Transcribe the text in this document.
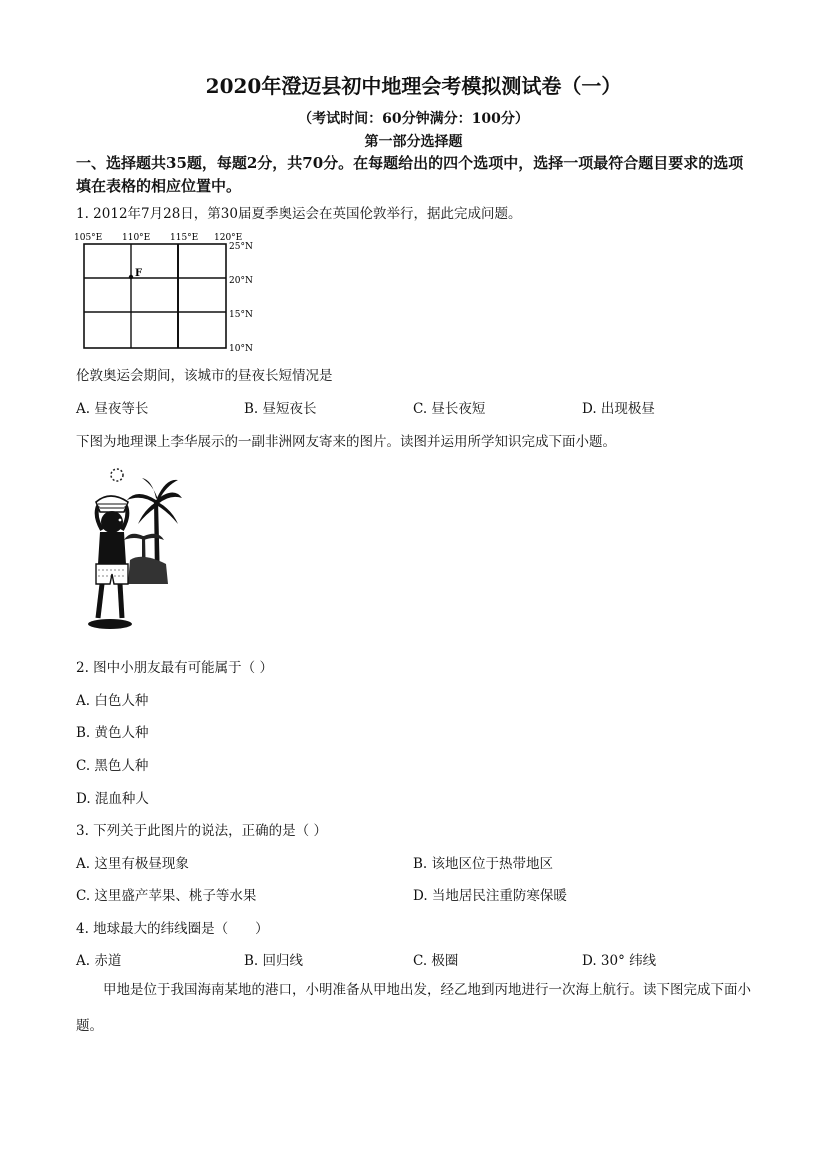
2020年澄迈县初中地理会考模拟测试卷（一）
（考试时间：60分钟满分：100分）
第一部分选择题
一、选择题共35题，每题2分，共70分。在每题给出的四个选项中，选择一项最符合题目要求的选项填在表格的相应位置中。
1. 2012年7月28日，第30届夏季奥运会在英国伦敦举行，据此完成问题。
105°E 110°E 115°E 120°E
F
25°N
20°N
15°N
10°N
伦敦奥运会期间，该城市的昼夜长短情况是
A. 昼夜等长	B. 昼短夜长	C. 昼长夜短	D. 出现极昼
下图为地理课上李华展示的一副非洲网友寄来的图片。读图并运用所学知识完成下面小题。
2. 图中小朋友最有可能属于（ ）
A. 白色人种
B. 黄色人种
C. 黑色人种
D. 混血种人
3. 下列关于此图片的说法，正确的是（ ）
A. 这里有极昼现象	B. 该地区位于热带地区
C. 这里盛产苹果、桃子等水果	D. 当地居民注重防寒保暖
4. 地球最大的纬线圈是（　　）
A. 赤道	B. 回归线	C. 极圈	D. 30° 纬线
甲地是位于我国海南某地的港口，小明准备从甲地出发，经乙地到丙地进行一次海上航行。读下图完成下面小题。
